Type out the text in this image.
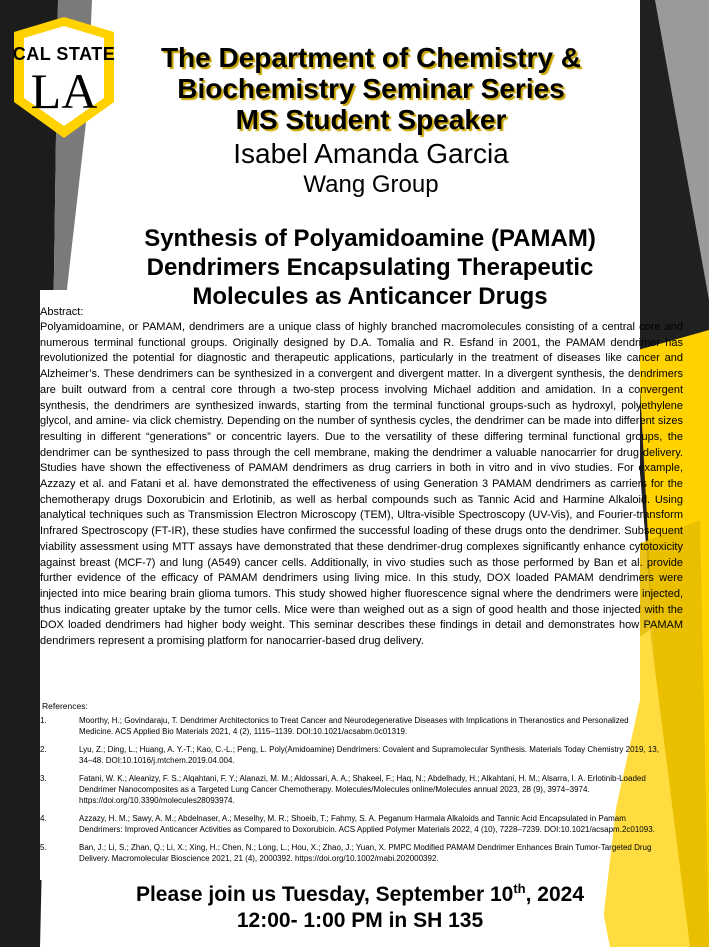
CAL STATE
LA
The Department of Chemistry &
Biochemistry Seminar Series
MS Student Speaker
Isabel Amanda Garcia
Wang Group
Synthesis of Polyamidoamine (PAMAM)
Dendrimers Encapsulating Therapeutic
Molecules as Anticancer Drugs
Abstract:
Polyamidoamine, or PAMAM, dendrimers are a unique class of highly branched macromolecules consisting of a central core and numerous terminal functional groups. Originally designed by D.A. Tomalia and R. Esfand in 2001, the PAMAM dendrimer has revolutionized the potential for diagnostic and therapeutic applications, particularly in the treatment of diseases like cancer and Alzheimer’s. These dendrimers can be synthesized in a convergent and divergent matter. In a divergent synthesis, the dendrimers are built outward from a central core through a two-step process involving Michael addition and amidation. In a convergent synthesis, the dendrimers are synthesized inwards, starting from the terminal functional groups-such as hydroxyl, polyethylene glycol, and amine- via click chemistry. Depending on the number of synthesis cycles, the dendrimer can be made into different sizes resulting in different “generations” or concentric layers. Due to the versatility of these differing terminal functional groups, the dendrimer can be synthesized to pass through the cell membrane, making the dendrimer a valuable nanocarrier for drug delivery. Studies have shown the effectiveness of PAMAM dendrimers as drug carriers in both in vitro and in vivo studies. For example, Azzazy et al. and Fatani et al. have demonstrated the effectiveness of using Generation 3 PAMAM dendrimers as carriers for the chemotherapy drugs Doxorubicin and Erlotinib, as well as herbal compounds such as Tannic Acid and Harmine Alkaloid. Using analytical techniques such as Transmission Electron Microscopy (TEM), Ultra-visible Spectroscopy (UV-Vis), and Fourier-transform Infrared Spectroscopy (FT-IR), these studies have confirmed the successful loading of these drugs onto the dendrimer. Subsequent viability assessment using MTT assays have demonstrated that these dendrimer-drug complexes significantly enhance cytotoxicity against breast (MCF-7) and lung (A549) cancer cells. Additionally, in vivo studies such as those performed by Ban et al. provide further evidence of the efficacy of PAMAM dendrimers using living mice. In this study, DOX loaded PAMAM dendrimers were injected into mice bearing brain glioma tumors. This study showed higher fluorescence signal where the dendrimers were injected, thus indicating greater uptake by the tumor cells. Mice were than weighed out as a sign of good health and those injected with the DOX loaded dendrimers had higher body weight. This seminar describes these findings in detail and demonstrates how PAMAM dendrimers represent a promising platform for nanocarrier-based drug delivery.
References:
1.	Moorthy, H.; Govindaraju, T. Dendrimer Architectonics to Treat Cancer and Neurodegenerative Diseases with Implications in Theranostics and Personalized Medicine. ACS Applied Bio Materials 2021, 4 (2), 1115–1139. DOI:10.1021/acsabm.0c01319.
2.	Lyu, Z.; Ding, L.; Huang, A. Y.-T.; Kao, C.-L.; Peng, L. Poly(Amidoamine) Dendrimers: Covalent and Supramolecular Synthesis. Materials Today Chemistry 2019, 13, 34–48. DOI:10.1016/j.mtchem.2019.04.004.
3.	Fatani, W. K.; Aleanizy, F. S.; Alqahtani, F. Y.; Alanazi, M. M.; Aldossari, A. A.; Shakeel, F.; Haq, N.; Abdelhady, H.; Alkahtani, H. M.; Alsarra, I. A. Erlotinib-Loaded Dendrimer Nanocomposites as a Targeted Lung Cancer Chemotherapy. Molecules/Molecules online/Molecules annual 2023, 28 (9), 3974–3974. https://doi.org/10.3390/molecules28093974.
4.	Azzazy, H. M.; Sawy, A. M.; Abdelnaser, A.; Meselhy, M. R.; Shoeib, T.; Fahmy, S. A. Peganum Harmala Alkaloids and Tannic Acid Encapsulated in Pamam Dendrimers: Improved Anticancer Activities as Compared to Doxorubicin. ACS Applied Polymer Materials 2022, 4 (10), 7228–7239. DOI:10.1021/acsapm.2c01093.
5.	Ban, J.; Li, S.; Zhan, Q.; Li, X.; Xing, H.; Chen, N.; Long, L.; Hou, X.; Zhao, J.; Yuan, X. PMPC Modified PAMAM Dendrimer Enhances Brain Tumor-Targeted Drug Delivery. Macromolecular Bioscience 2021, 21 (4), 2000392. https://doi.org/10.1002/mabi.202000392.
Please join us Tuesday, September 10th, 2024
12:00- 1:00 PM in SH 135
